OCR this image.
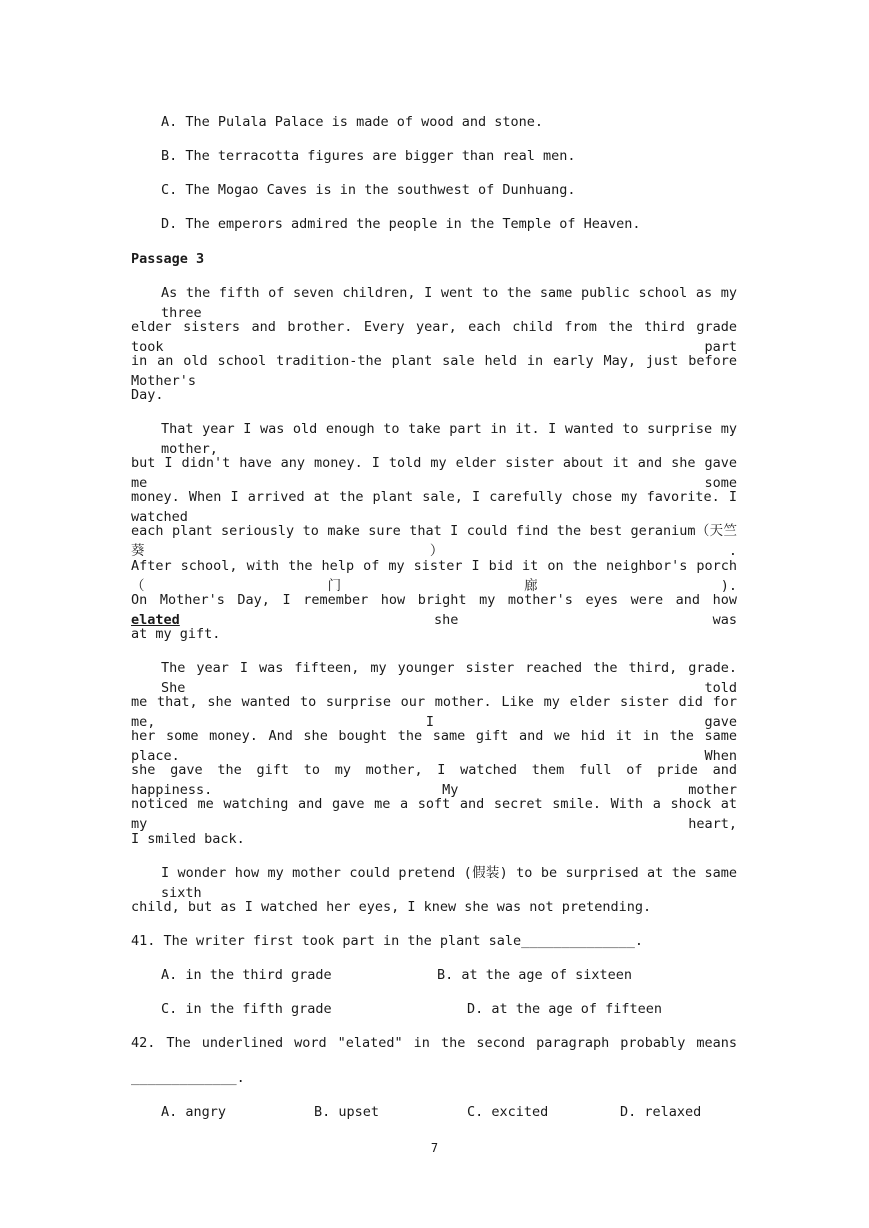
A. The Pulala Palace is made of wood and stone.
B. The terracotta figures are bigger than real men.
C. The Mogao Caves is in the southwest of Dunhuang.
D. The emperors admired the people in the Temple of Heaven.
Passage 3
As the fifth of seven children, I went to the same public school as my three
elder sisters and brother. Every year, each child from the third grade took part
in an old school tradition-the plant sale held in early May, just before Mother's
Day.
That year I was old enough to take part in it. I wanted to surprise my mother,
but I didn't have any money. I told my elder sister about it and she gave me some
money. When I arrived at the plant sale, I carefully chose my favorite. I watched
each plant seriously to make sure that I could find the best geranium（天竺葵）.
After school, with the help of my sister I bid it on the neighbor's porch（门廊).
On Mother's Day, I remember how bright my mother's eyes were and how elated	she was
at my gift.
The year I was fifteen, my younger sister reached the third, grade. She told
me that, she wanted to surprise our mother. Like my elder sister did for me, I gave
her some money. And she bought the same gift and we hid it in the same place. When
she gave the gift to my mother, I watched them full of pride and happiness. My mother
noticed me watching and gave me a soft and secret smile. With a shock at my heart,
I smiled back.
I wonder how my mother could pretend (假装) to be surprised at the same sixth
child, but as I watched her eyes, I knew she was not pretending.
41. The writer first took part in the plant sale______________.
A. in the third grade	B. at the age of sixteen
C. in the fifth grade	D. at the age of fifteen
42. The underlined word "elated" in the second paragraph probably means
_____________.
A. angry	B. upset	C. excited	D. relaxed
7
